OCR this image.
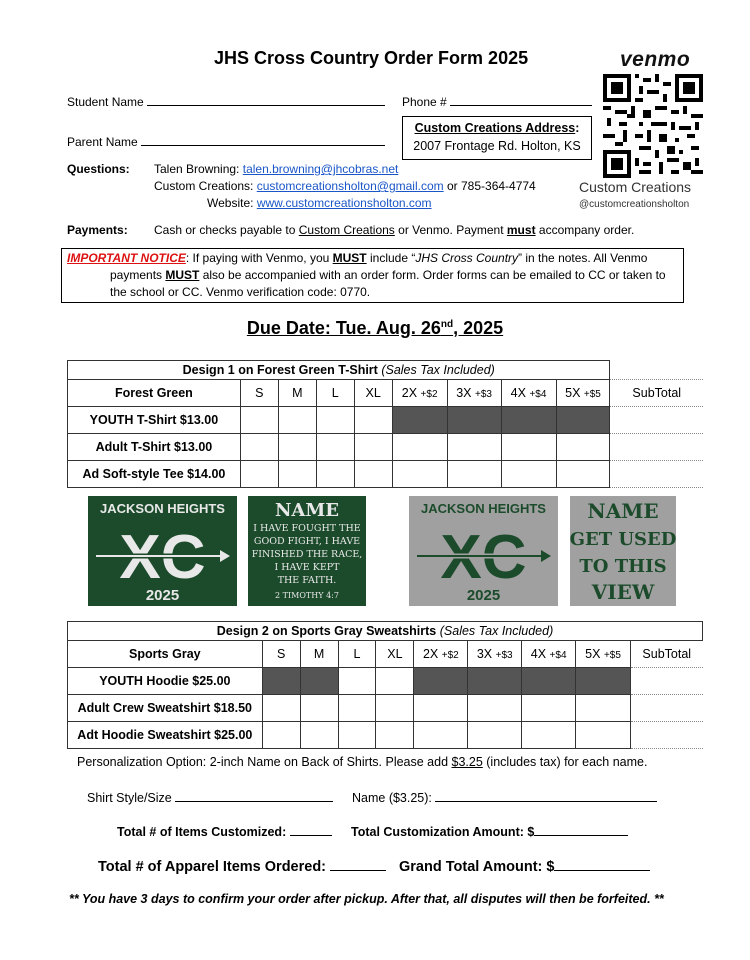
JHS Cross Country Order Form 2025	venmo
Custom Creations
@customcreationsholton
Student Name	Phone #
Parent Name
Custom Creations Address:
2007 Frontage Rd. Holton, KS
Questions: Talen Browning: talen.browning@jhcobras.net
Custom Creations: customcreationsholton@gmail.com or 785-364-4774
Website: www.customcreationsholton.com
Payments: Cash or checks payable to Custom Creations or Venmo. Payment must accompany order.
IMPORTANT NOTICE: If paying with Venmo, you MUST include “JHS Cross Country” in the notes. All Venmo
payments MUST also be accompanied with an order form. Order forms can be emailed to CC or taken to
the school or CC. Venmo verification code: 0770.
Due Date: Tue. Aug. 26nd, 2025
Design 1 on Forest Green T-Shirt (Sales Tax Included)									
Forest Green	S	M	L	XL	2X +$2	3X +$3	4X +$4	5X +$5	SubTotal
YOUTH T-Shirt $13.00									
Adult T-Shirt $13.00									
Ad Soft-style Tee $14.00									
JACKSON HEIGHTS
XC
2025
NAME
I HAVE FOUGHT THE
GOOD FIGHT, I HAVE
FINISHED THE RACE,
I HAVE KEPT
THE FAITH.
2 TIMOTHY 4:7
JACKSON HEIGHTS
XC
2025
NAME
GET USED
TO THIS
VIEW
Design 2 on Sports Gray Sweatshirts (Sales Tax Included)									
Sports Gray	S	M	L	XL	2X +$2	3X +$3	4X +$4	5X +$5	SubTotal
YOUTH Hoodie $25.00									
Adult Crew Sweatshirt $18.50									
Adt Hoodie Sweatshirt $25.00									
Personalization Option: 2-inch Name on Back of Shirts. Please add $3.25 (includes tax) for each name.
Shirt Style/Size	Name ($3.25):
Total # of Items Customized:	Total Customization Amount: $
Total # of Apparel Items Ordered:	Grand Total Amount: $
** You have 3 days to confirm your order after pickup. After that, all disputes will then be forfeited. **
